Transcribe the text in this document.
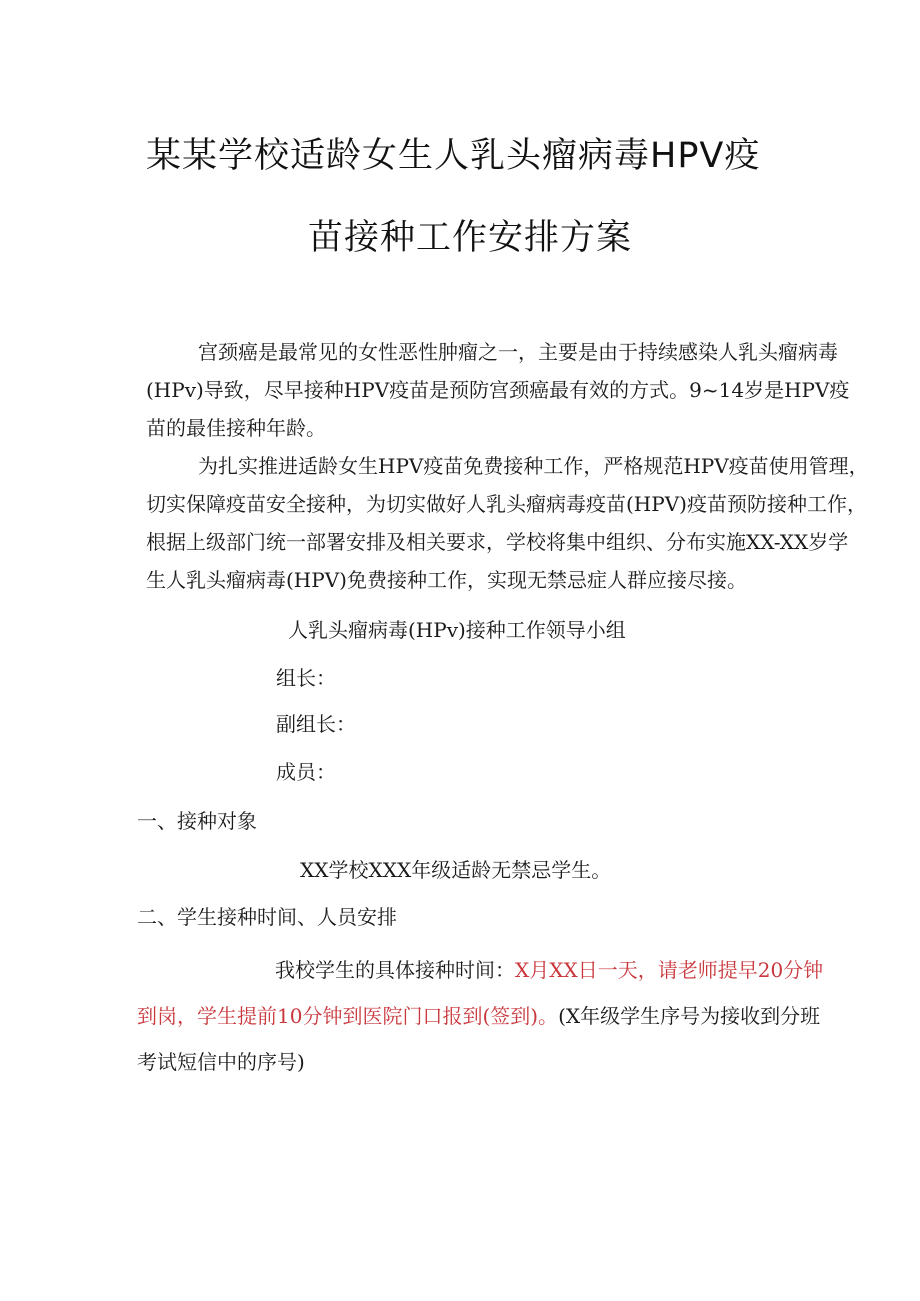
某某学校适龄女生人乳头瘤病毒HPV疫
苗接种工作安排方案
宫颈癌是最常见的女性恶性肿瘤之一，主要是由于持续感染人乳头瘤病毒
(HPv)导致，尽早接种HPV疫苗是预防宫颈癌最有效的方式。9~14岁是HPV疫
苗的最佳接种年龄。
为扎实推进适龄女生HPV疫苗免费接种工作，严格规范HPV疫苗使用管理，
切实保障疫苗安全接种，为切实做好人乳头瘤病毒疫苗(HPV)疫苗预防接种工作，
根据上级部门统一部署安排及相关要求，学校将集中组织、分布实施XX-XX岁学
生人乳头瘤病毒(HPV)免费接种工作，实现无禁忌症人群应接尽接。
人乳头瘤病毒(HPv)接种工作领导小组
组长：
副组长：
成员：
一、接种对象
XX学校XXX年级适龄无禁忌学生。
二、学生接种时间、人员安排
我校学生的具体接种时间：X月XX日一天，请老师提早20分钟
到岗，学生提前10分钟到医院门口报到(签到)。(X年级学生序号为接收到分班
考试短信中的序号)
